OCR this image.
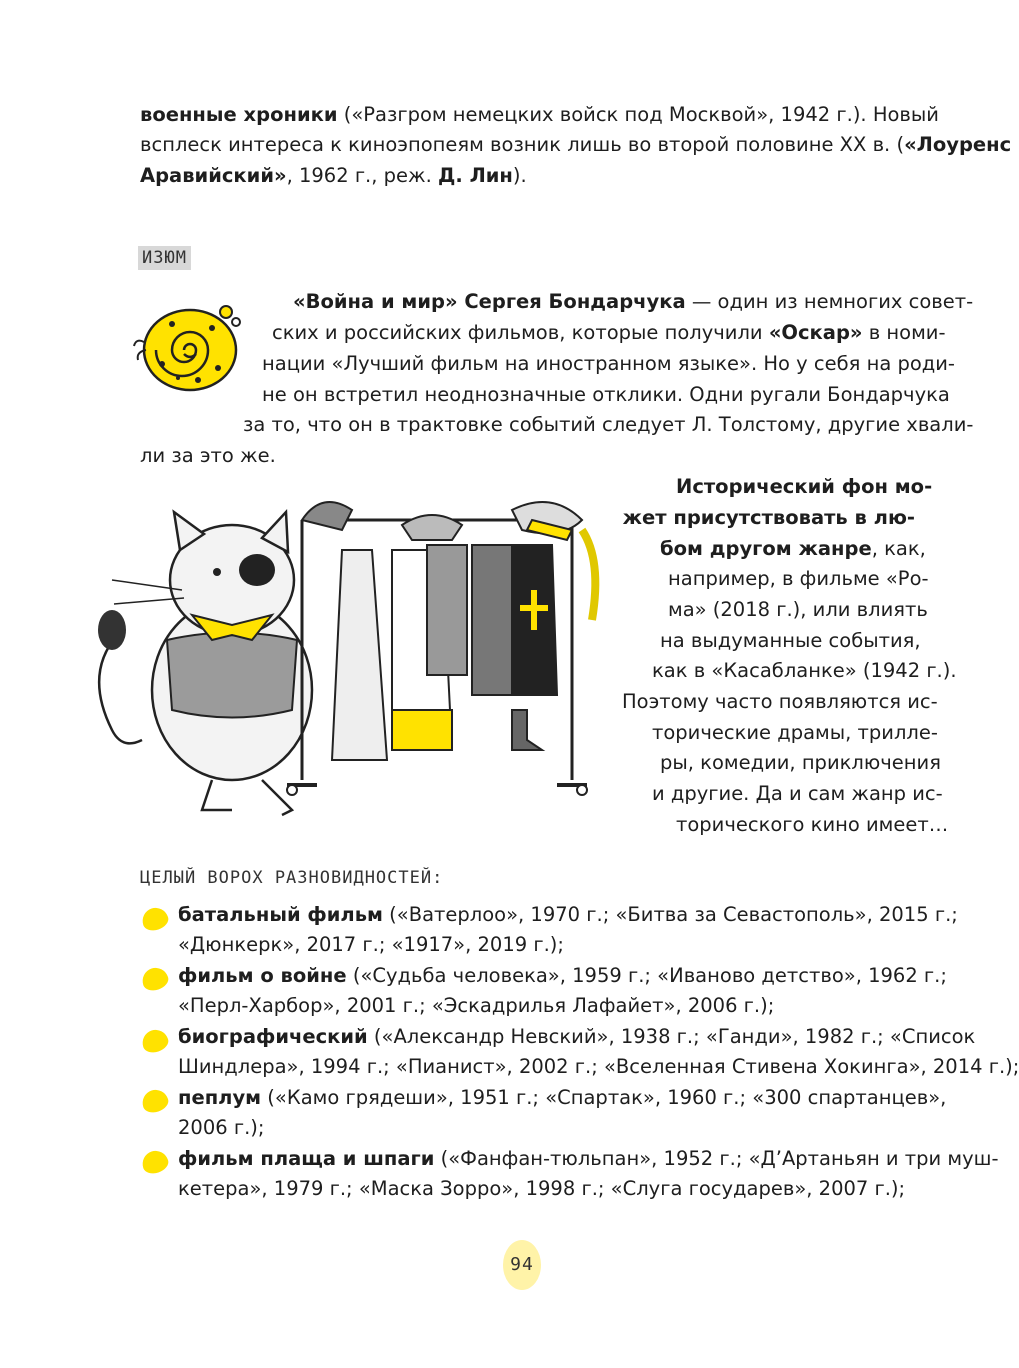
военные хроники («Разгром немецких войск под Москвой», 1942 г.). Новый
всплеск интереса к киноэпопеям возник лишь во второй половине XX в. («Лоуренс
Аравийский», 1962 г., реж. Д. Лин).
ИЗЮМ
«Война и мир» Сергея Бондарчука — один из немногих совет-
ских и российских фильмов, которые получили «Оскар» в номи-
нации «Лучший фильм на иностранном языке». Но у себя на роди-
не он встретил неоднозначные отклики. Одни ругали Бондарчука
за то, что он в трактовке событий следует Л. Толстому, другие хвали-
ли за это же.
Исторический фон мо-
жет присутствовать в лю-
бом другом жанре, как,
например, в фильме «Ро-
ма» (2018 г.), или влиять
на выдуманные события,
как в «Касабланке» (1942 г.).
Поэтому часто появляются ис-
торические драмы, трилле-
ры, комедии, приключения
и другие. Да и сам жанр ис-
торического кино имеет…
ЦЕЛЫЙ ВОРОХ РАЗНОВИДНОСТЕЙ:
батальный фильм («Ватерлоо», 1970 г.; «Битва за Севастополь», 2015 г.;
«Дюнкерк», 2017 г.; «1917», 2019 г.);
фильм о войне («Судьба человека», 1959 г.; «Иваново детство», 1962 г.;
«Перл-Харбор», 2001 г.; «Эскадрилья Лафайет», 2006 г.);
биографический («Александр Невский», 1938 г.; «Ганди», 1982 г.; «Список
Шиндлера», 1994 г.; «Пианист», 2002 г.; «Вселенная Стивена Хокинга», 2014 г.);
пеплум («Камо грядеши», 1951 г.; «Спартак», 1960 г.; «300 спартанцев»,
2006 г.);
фильм плаща и шпаги («Фанфан-тюльпан», 1952 г.; «Д’Артаньян и три муш-
кетера», 1979 г.; «Маска Зорро», 1998 г.; «Слуга государев», 2007 г.);
94
